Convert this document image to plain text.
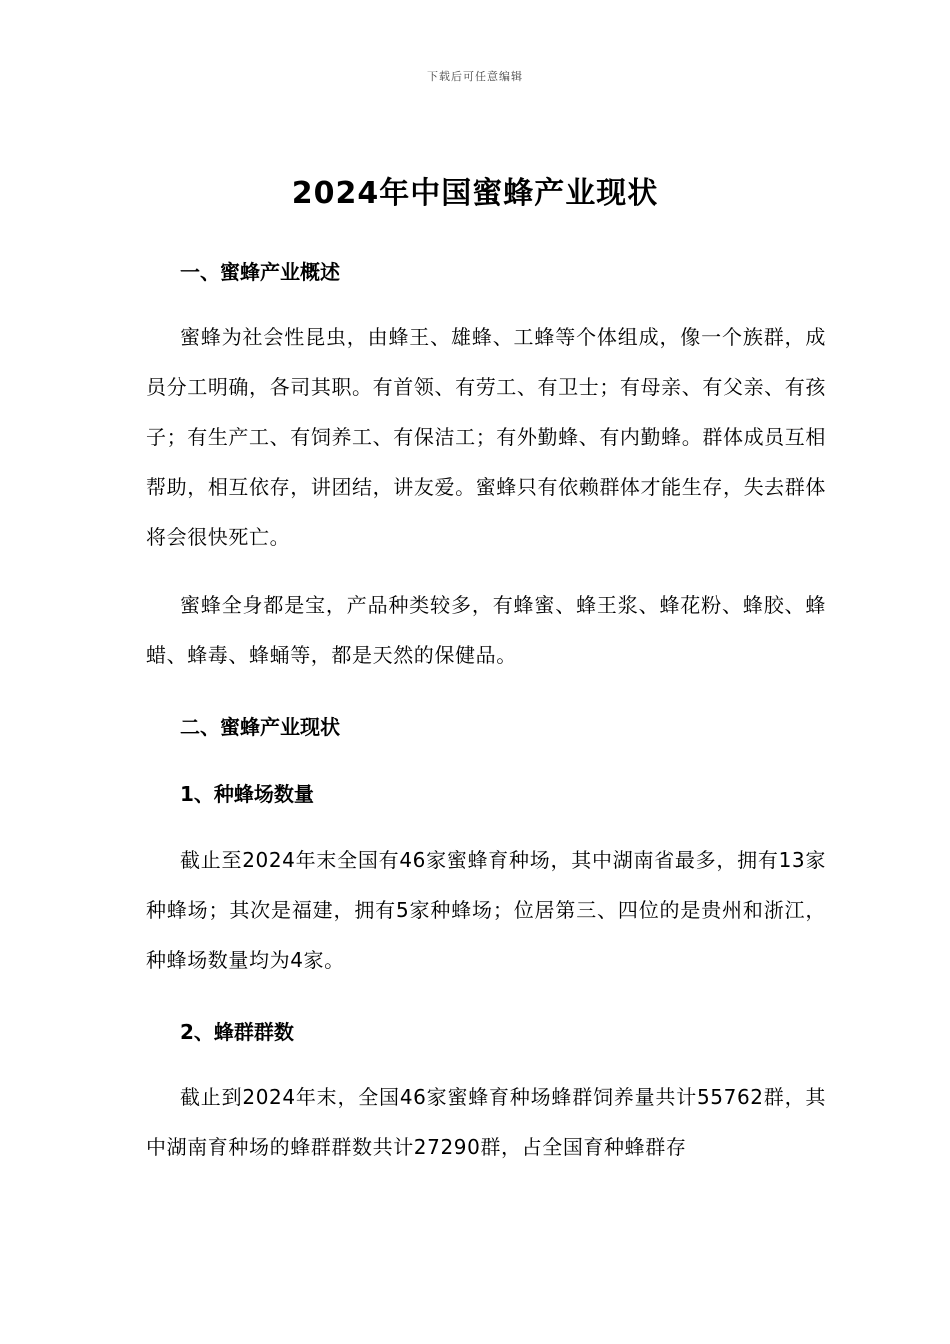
下载后可任意编辑
2024年中国蜜蜂产业现状
一、蜜蜂产业概述

蜜蜂为社会性昆虫，由蜂王、雄蜂、工蜂等个体组成，像一个族群，成员分工明确，各司其职。有首领、有劳工、有卫士；有母亲、有父亲、有孩子；有生产工、有饲养工、有保洁工；有外勤蜂、有内勤蜂。群体成员互相帮助，相互依存，讲团结，讲友爱。蜜蜂只有依赖群体才能生存，失去群体将会很快死亡。

蜜蜂全身都是宝，产品种类较多，有蜂蜜、蜂王浆、蜂花粉、蜂胶、蜂蜡、蜂毒、蜂蛹等，都是天然的保健品。

二、蜜蜂产业现状
1、种蜂场数量

截止至2024年末全国有46家蜜蜂育种场，其中湖南省最多，拥有13家种蜂场；其次是福建，拥有5家种蜂场；位居第三、四位的是贵州和浙江，种蜂场数量均为4家。

2、蜂群群数

截止到2024年末，全国46家蜜蜂育种场蜂群饲养量共计55762群，其中湖南育种场的蜂群群数共计27290群，占全国育种蜂群存
